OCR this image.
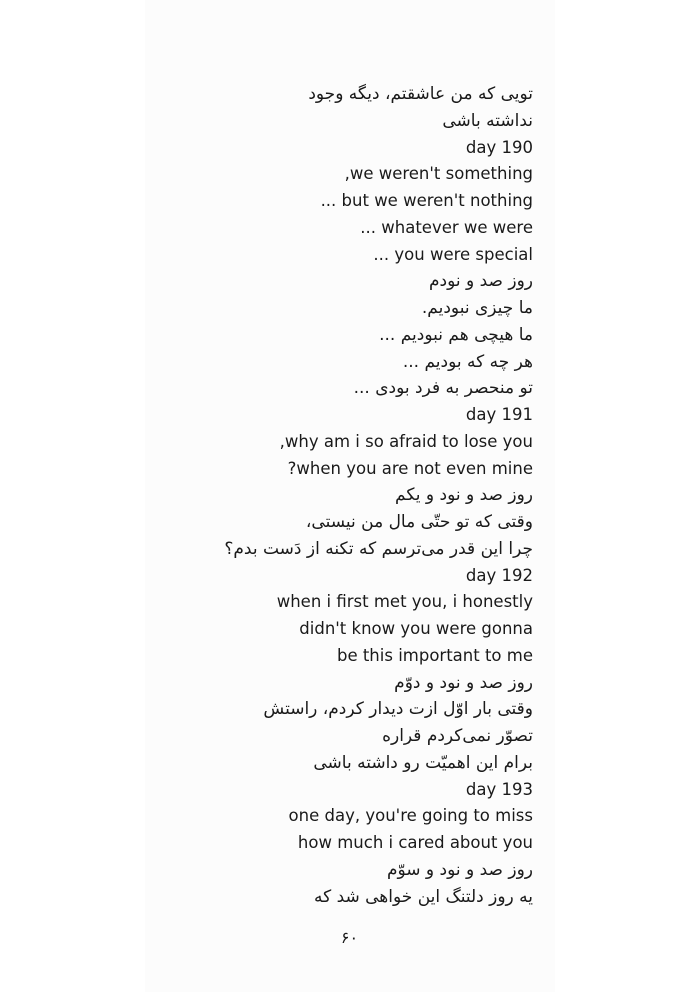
تویی که من عاشقتم، دیگه وجود
نداشته باشی
day 190
,we weren't something
... but we weren't nothing
... whatever we were
... you were special
روز صد و نودم
ما چیزی نبودیم.
ما هیچی هم نبودیم ...
هر چه که بودیم ...
تو منحصر به فرد بودی ...
day 191
,why am i so afraid to lose you
?when you are not even mine
روز صد و نود و یکم
وقتی که تو حتّی مال من نیستی،
چرا این قدر می‌ترسم که تکنه از دَست بدم؟
day 192
when i first met you, i honestly
didn't know you were gonna
be this important to me
روز صد و نود و دوّم
وقتی بار اوّل ازت دیدار کردم، راستش
تصوّر نمی‌کردم قراره
برام این اهمیّت رو داشته باشی
day 193
one day, you're going to miss
how much i cared about you
روز صد و نود و سوّم
یه روز دلتنگ این خواهی شد که
۶۰
